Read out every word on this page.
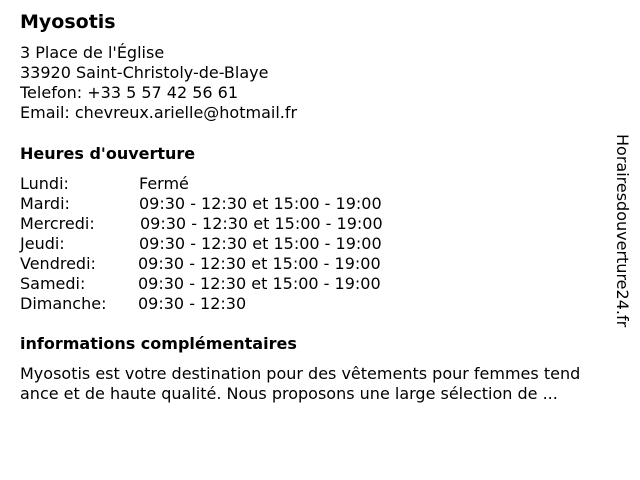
Myosotis
3 Place de l'Église
33920 Saint-Christoly-de-Blaye
Telefon: +33 5 57 42 56 61
Email: chevreux.arielle@hotmail.fr
Heures d'ouverture
Lundi:	Fermé
Mardi:	09:30 - 12:30 et 15:00 - 19:00
Mercredi:	09:30 - 12:30 et 15:00 - 19:00
Jeudi:	09:30 - 12:30 et 15:00 - 19:00
Vendredi:	09:30 - 12:30 et 15:00 - 19:00
Samedi:	09:30 - 12:30 et 15:00 - 19:00
Dimanche: 09:30 - 12:30
informations complémentaires
Myosotis est votre destination pour des vêtements pour femmes tend
ance et de haute qualité. Nous proposons une large sélection de ...
Horairesdouverture24.fr
